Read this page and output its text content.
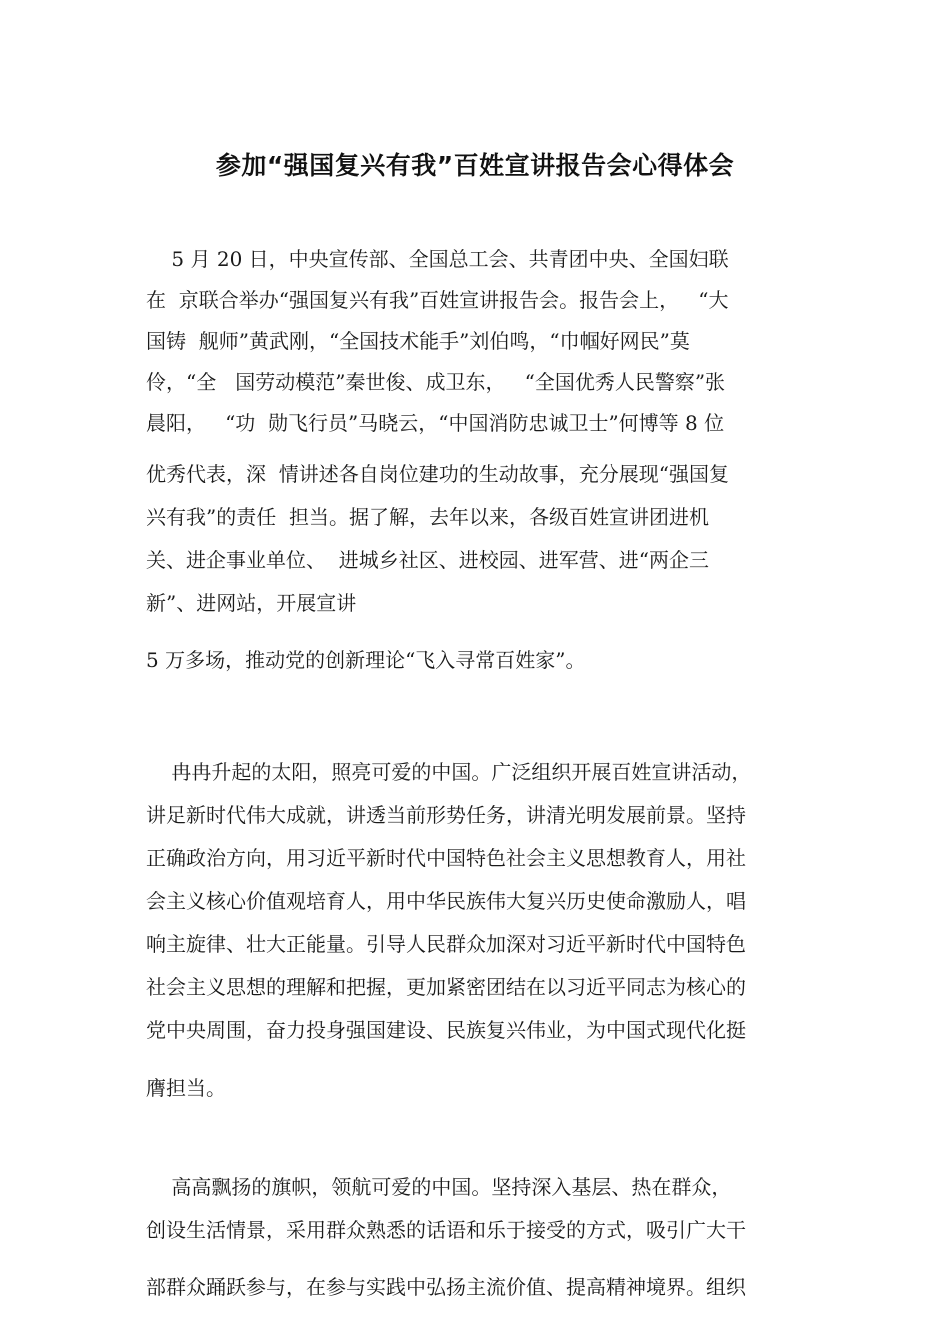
参加“强国复兴有我”百姓宣讲报告会心得体会
5 月 20 日，中央宣传部、全国总工会、共青团中央、全国妇联
在  京联合举办“强国复兴有我”百姓宣讲报告会。报告会上，   “大
国铸  舰师”黄武刚，“全国技术能手”刘伯鸣，“巾帼好网民”莫
伶，“全   国劳动模范”秦世俊、成卫东，   “全国优秀人民警察”张
晨阳，   “功  勋飞行员”马晓云，“中国消防忠诚卫士”何博等 8 位
优秀代表，深  情讲述各自岗位建功的生动故事，充分展现“强国复
兴有我”的责任  担当。据了解，去年以来，各级百姓宣讲团进机
关、进企事业单位、  进城乡社区、进校园、进军营、进“两企三
新”、进网站，开展宣讲
5 万多场，推动党的创新理论“飞入寻常百姓家”。
冉冉升起的太阳，照亮可爱的中国。广泛组织开展百姓宣讲活动，
讲足新时代伟大成就，讲透当前形势任务，讲清光明发展前景。坚持
正确政治方向，用习近平新时代中国特色社会主义思想教育人，用社
会主义核心价值观培育人，用中华民族伟大复兴历史使命激励人，唱
响主旋律、壮大正能量。引导人民群众加深对习近平新时代中国特色
社会主义思想的理解和把握，更加紧密团结在以习近平同志为核心的
党中央周围，奋力投身强国建设、民族复兴伟业，为中国式现代化挺
膺担当。
高高飘扬的旗帜，领航可爱的中国。坚持深入基层、热在群众，
创设生活情景，采用群众熟悉的话语和乐于接受的方式，吸引广大干
部群众踊跃参与，在参与实践中弘扬主流价值、提高精神境界。组织
